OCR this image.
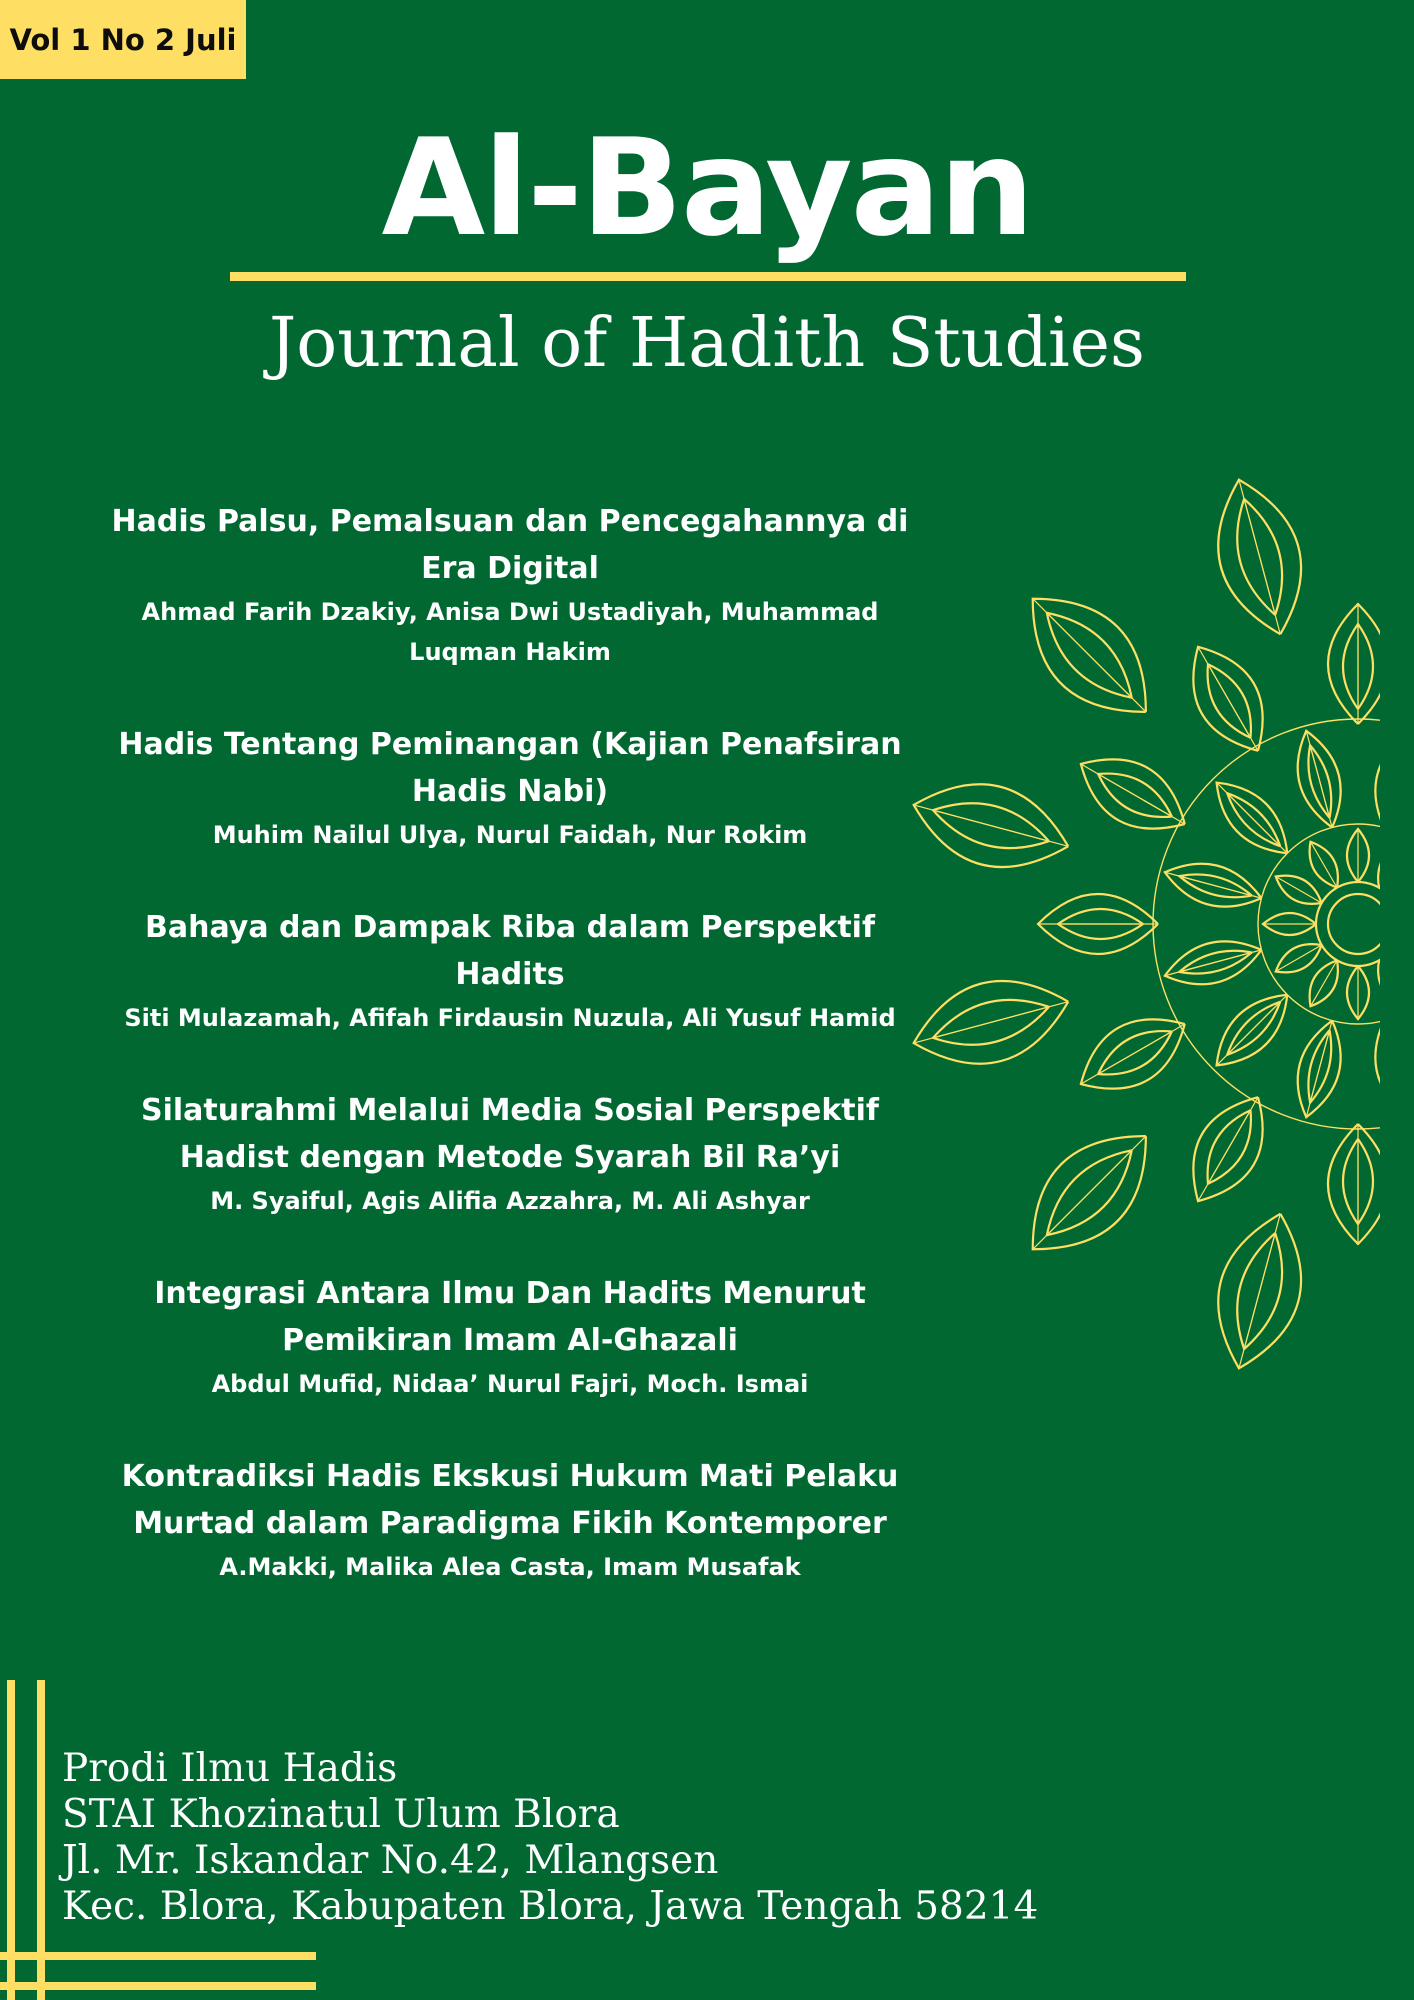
Vol 1 No 2 Juli
Al-Bayan
Journal of Hadith Studies
Hadis Palsu, Pemalsuan dan Pencegahannya di
Era Digital
Ahmad Farih Dzakiy, Anisa Dwi Ustadiyah, Muhammad
Luqman Hakim
Hadis Tentang Peminangan (Kajian Penafsiran
Hadis Nabi)
Muhim Nailul Ulya, Nurul Faidah, Nur Rokim
Bahaya dan Dampak Riba dalam Perspektif
Hadits
Siti Mulazamah, Afifah Firdausin Nuzula, Ali Yusuf Hamid
Silaturahmi Melalui Media Sosial Perspektif
Hadist dengan Metode Syarah Bil Ra’yi
M. Syaiful, Agis Alifia Azzahra, M. Ali Ashyar
Integrasi Antara Ilmu Dan Hadits Menurut
Pemikiran Imam Al-Ghazali
Abdul Mufid, Nidaa’ Nurul Fajri, Moch. Ismai
Kontradiksi Hadis Ekskusi Hukum Mati Pelaku
Murtad dalam Paradigma Fikih Kontemporer
A.Makki, Malika Alea Casta, Imam Musafak
Prodi Ilmu Hadis
STAI Khozinatul Ulum Blora
Jl. Mr. Iskandar No.42, Mlangsen
Kec. Blora, Kabupaten Blora, Jawa Tengah 58214
